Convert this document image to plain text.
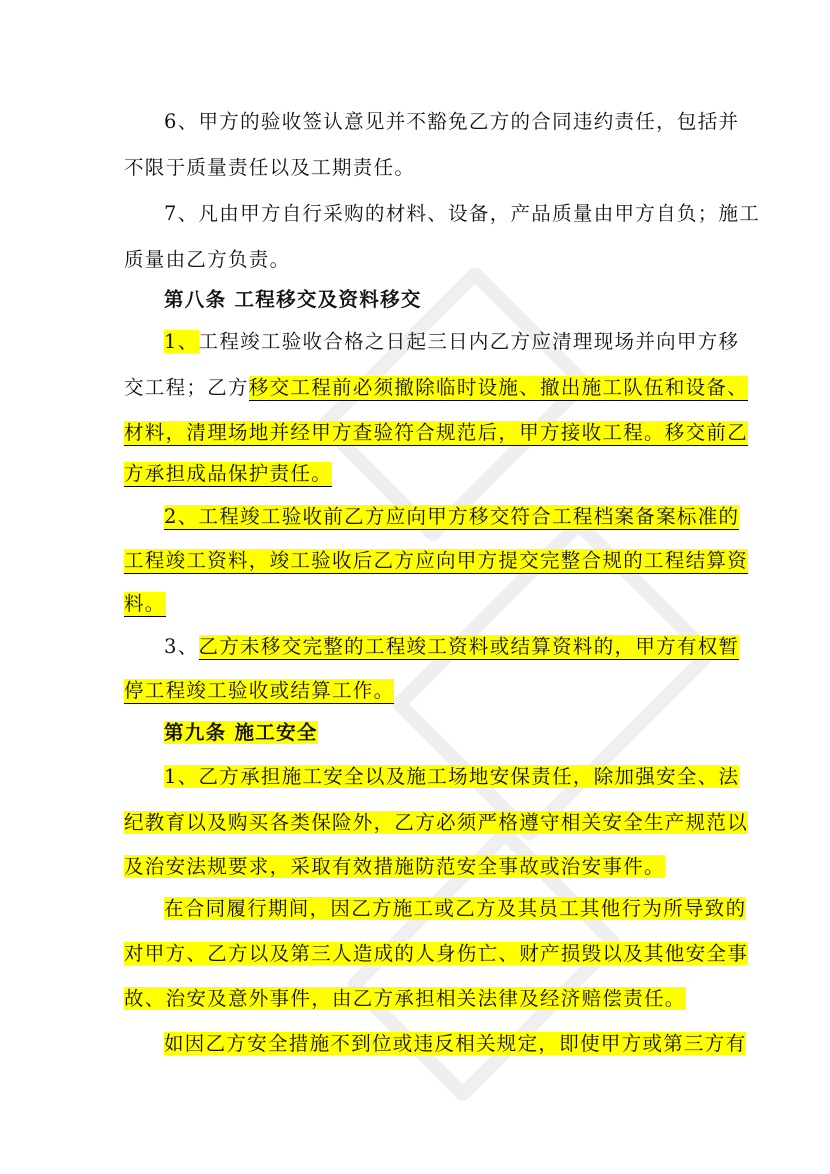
6、甲方的验收签认意见并不豁免乙方的合同违约责任，包括并
不限于质量责任以及工期责任。
7、凡由甲方自行采购的材料、设备，产品质量由甲方自负；施工
质量由乙方负责。
第八条 工程移交及资料移交
1、工程竣工验收合格之日起三日内乙方应清理现场并向甲方移
交工程；乙方移交工程前必须撤除临时设施、撤出施工队伍和设备、
材料，清理场地并经甲方查验符合规范后，甲方接收工程。移交前乙
方承担成品保护责任。
2、工程竣工验收前乙方应向甲方移交符合工程档案备案标准的
工程竣工资料，竣工验收后乙方应向甲方提交完整合规的工程结算资
料。
3、乙方未移交完整的工程竣工资料或结算资料的，甲方有权暂
停工程竣工验收或结算工作。
第九条 施工安全
1、乙方承担施工安全以及施工场地安保责任，除加强安全、法
纪教育以及购买各类保险外，乙方必须严格遵守相关安全生产规范以
及治安法规要求，采取有效措施防范安全事故或治安事件。
在合同履行期间，因乙方施工或乙方及其员工其他行为所导致的
对甲方、乙方以及第三人造成的人身伤亡、财产损毁以及其他安全事
故、治安及意外事件，由乙方承担相关法律及经济赔偿责任。
如因乙方安全措施不到位或违反相关规定，即使甲方或第三方有
